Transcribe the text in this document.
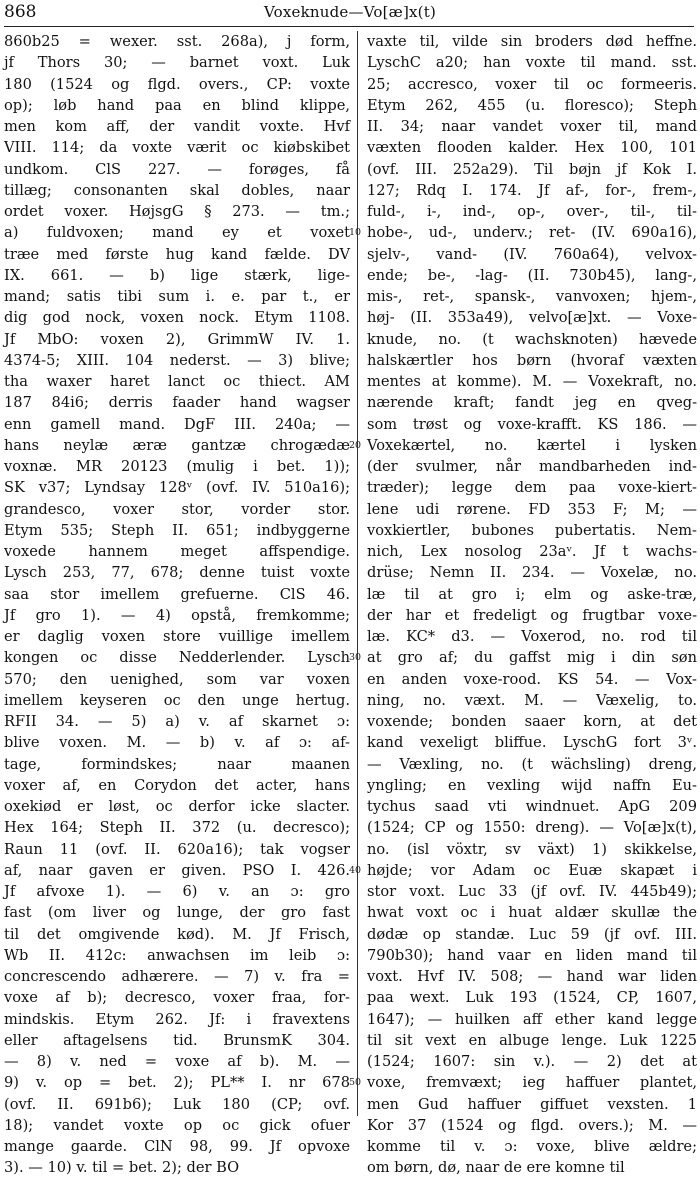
868	Voxeknude—Vo[æ]x(t)
860b25 = wexer. sst. 268a), j form,
jf Thors 30; — barnet voxt. Luk
180 (1524 og flgd. overs., CP: voxte
op); løb hand paa en blind klippe,
men kom aff, der vandit voxte. Hvf
VIII. 114; da voxte værit oc kiøbskibet
undkom. ClS 227. — forøges, få
tillæg; consonanten skal dobles, naar
ordet voxer. HøjsgG § 273. — tm.;
a) fuldvoxen; mand ey et voxet
træe med første hug kand fælde. DV
IX. 661. — b) lige stærk, lige-
mand; satis tibi sum i. e. par t., er
dig god nock, voxen nock. Etym 1108.
Jf MbO: voxen 2), GrimmW IV. 1.
4374-5; XIII. 104 nederst. — 3) blive;
tha waxer haret lanct oc thiect. AM
187 84i6; derris faader hand wagser
enn gamell mand. DgF III. 240a; —
hans neylæ æræ gantzæ chrogædæ
voxnæ. MR 20123 (mulig i bet. 1));
SK v37; Lyndsay 128ᵛ (ovf. IV. 510a16);
grandesco, voxer stor, vorder stor.
Etym 535; Steph II. 651; indbyggerne
voxede hannem meget affspendige.
Lysch 253, 77, 678; denne tuist voxte
saa stor imellem grefuerne. ClS 46.
Jf gro 1). — 4) opstå, fremkomme;
er daglig voxen store vuillige imellem
kongen oc disse Nedderlender. Lysch
570; den uenighed, som var voxen
imellem keyseren oc den unge hertug.
RFII 34. — 5) a) v. af skarnet ɔ:
blive voxen. M. — b) v. af ɔ: af-
tage, formindskes; naar maanen
voxer af, en Corydon det acter, hans
oxekiød er løst, oc derfor icke slacter.
Hex 164; Steph II. 372 (u. decresco);
Raun 11 (ovf. II. 620a16); tak vogser
af, naar gaven er given. PSO I. 426.
Jf afvoxe 1). — 6) v. an ɔ: gro
fast (om liver og lunge, der gro fast
til det omgivende kød). M. Jf Frisch,
Wb II. 412c: anwachsen im leib ɔ:
concrescendo adhærere. — 7) v. fra =
voxe af b); decresco, voxer fraa, for-
mindskis. Etym 262. Jf: i fravextens
eller aftagelsens tid. BrunsmK 304.
— 8) v. ned = voxe af b). M. —
9) v. op = bet. 2); PL** I. nr 678
(ovf. II. 691b6); Luk 180 (CP; ovf.
18); vandet voxte op oc gick ofuer
mange gaarde. ClN 98, 99. Jf opvoxe
3). — 10) v. til = bet. 2); der BO
vaxte til, vilde sin broders død heffne.
LyschC a20; han voxte til mand. sst.
25; accresco, voxer til oc formeeris.
Etym 262, 455 (u. floresco); Steph
II. 34; naar vandet voxer til, mand
væxten flooden kalder. Hex 100, 101
(ovf. III. 252a29). Til bøjn jf Kok I.
127; Rdq I. 174. Jf af-, for-, frem-,
fuld-, i-, ind-, op-, over-, til-, til-
hobe-, ud-, underv.; ret- (IV. 690a16),
sjelv-, vand- (IV. 760a64), velvox-
ende; be-, -lag- (II. 730b45), lang-,
mis-, ret-, spansk-, vanvoxen; hjem-,
høj- (II. 353a49), velvo[æ]xt. — Voxe-
knude, no. (t wachsknoten) hævede
halskærtler hos børn (hvoraf væxten
mentes at komme). M. — Voxekraft, no.
nærende kraft; fandt jeg en qveg-
som trøst og voxe-krafft. KS 186. —
Voxekærtel, no. kærtel i lysken
(der svulmer, når mandbarheden ind-
træder); legge dem paa voxe-kiert-
lene udi rørene. FD 353 F; M; —
voxkiertler, bubones pubertatis. Nem-
nich, Lex nosolog 23aᵛ. Jf t wachs-
drüse; Nemn II. 234. — Voxelæ, no.
læ til at gro i; elm og aske-træ,
der har et fredeligt og frugtbar voxe-
læ. KC* d3. — Voxerod, no. rod til
at gro af; du gaffst mig i din søn
en anden voxe-rood. KS 54. — Vox-
ning, no. væxt. M. — Væxelig, to.
voxende; bonden saaer korn, at det
kand vexeligt bliffue. LyschG fort 3ᵛ.
— Væxling, no. (t wächsling) dreng,
yngling; en vexling wijd naffn Eu-
tychus saad vti windnuet. ApG 209
(1524; CP og 1550: dreng). — Vo[æ]x(t),
no. (isl vöxtr, sv växt) 1) skikkelse,
højde; vor Adam oc Euæ skapæt i
stor voxt. Luc 33 (jf ovf. IV. 445b49);
hwat voxt oc i huat aldær skullæ the
dødæ op standæ. Luc 59 (jf ovf. III.
790b30); hand vaar en liden mand til
voxt. Hvf IV. 508; — hand war liden
paa wext. Luk 193 (1524, CP, 1607,
1647); — huilken aff ether kand legge
til sit vext en albuge lenge. Luk 1225
(1524; 1607: sin v.). — 2) det at
voxe, fremvæxt; ieg haffuer plantet,
men Gud haffuer giffuet vexsten. 1
Kor 37 (1524 og flgd. overs.); M. —
komme til v. ɔ: voxe, blive ældre;
om børn, dø, naar de ere komne til
10
20
30
40
50
